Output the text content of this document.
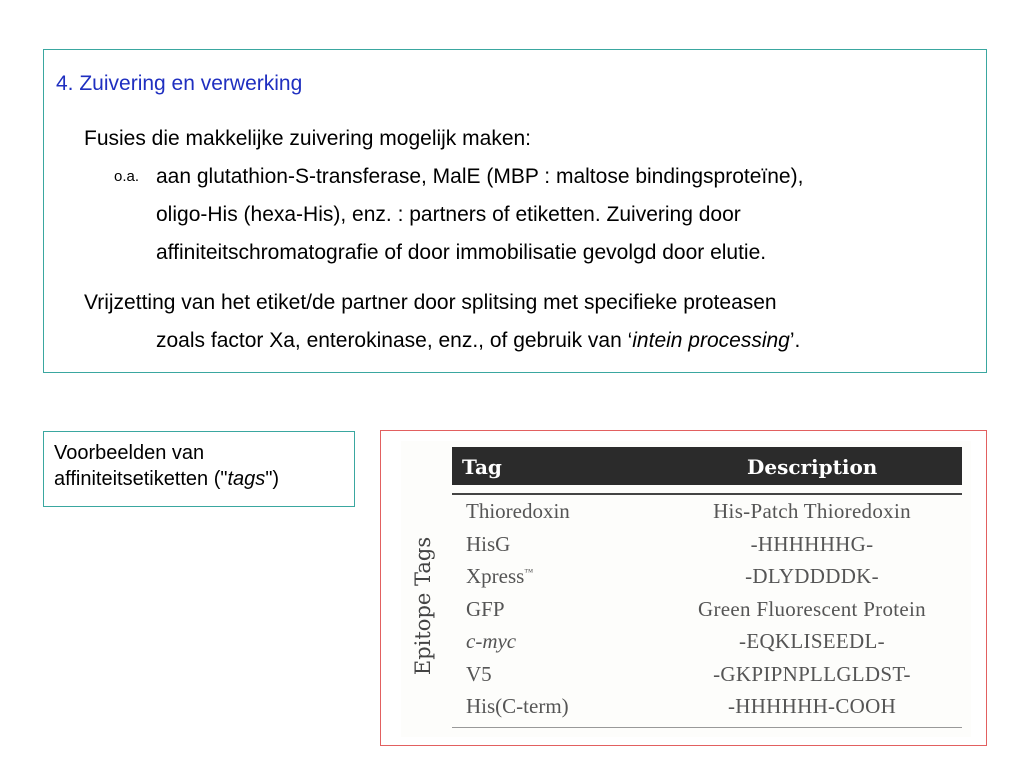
4. Zuivering en verwerking
Fusies die makkelijke zuivering mogelijk maken:
o.a. aan glutathion-S-transferase, MalE (MBP : maltose bindingsproteïne),
oligo-His (hexa-His), enz. : partners of etiketten. Zuivering door
affiniteitschromatografie of door immobilisatie gevolgd door elutie.
Vrijzetting van het etiket/de partner door splitsing met specifieke proteasen
zoals factor Xa, enterokinase, enz., of gebruik van ‘intein processing’.
Voorbeelden van
affiniteitsetiketten ("tags")
Epitope Tags
Tag	Description
Thioredoxin	His-Patch Thioredoxin
HisG	-HHHHHHG-
Xpress™	-DLYDDDDK-
GFP	Green Fluorescent Protein
c-myc	-EQKLISEEDL-
V5	-GKPIPNPLLGLDST-
His(C-term)	-HHHHHH-COOH
